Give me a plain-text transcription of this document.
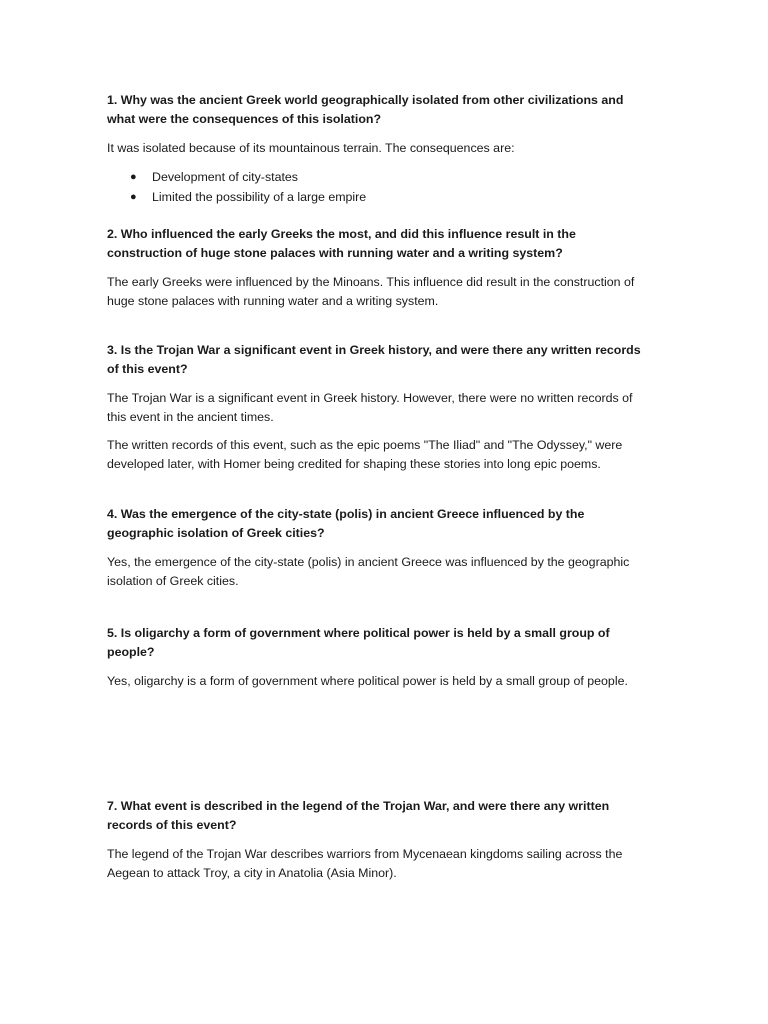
1. Why was the ancient Greek world geographically isolated from other civilizations and what were the consequences of this isolation?

It was isolated because of its mountainous terrain. The consequences are:

● Development of city-states
● Limited the possibility of a large empire

2. Who influenced the early Greeks the most, and did this influence result in the construction of huge stone palaces with running water and a writing system?

The early Greeks were influenced by the Minoans. This influence did result in the construction of huge stone palaces with running water and a writing system.

3. Is the Trojan War a significant event in Greek history, and were there any written records of this event?

The Trojan War is a significant event in Greek history. However, there were no written records of this event in the ancient times.

The written records of this event, such as the epic poems "The Iliad" and "The Odyssey," were developed later, with Homer being credited for shaping these stories into long epic poems.

4. Was the emergence of the city-state (polis) in ancient Greece influenced by the geographic isolation of Greek cities?

Yes, the emergence of the city-state (polis) in ancient Greece was influenced by the geographic isolation of Greek cities.

5. Is oligarchy a form of government where political power is held by a small group of people?

Yes, oligarchy is a form of government where political power is held by a small group of people.

7. What event is described in the legend of the Trojan War, and were there any written records of this event?

The legend of the Trojan War describes warriors from Mycenaean kingdoms sailing across the Aegean to attack Troy, a city in Anatolia (Asia Minor).
